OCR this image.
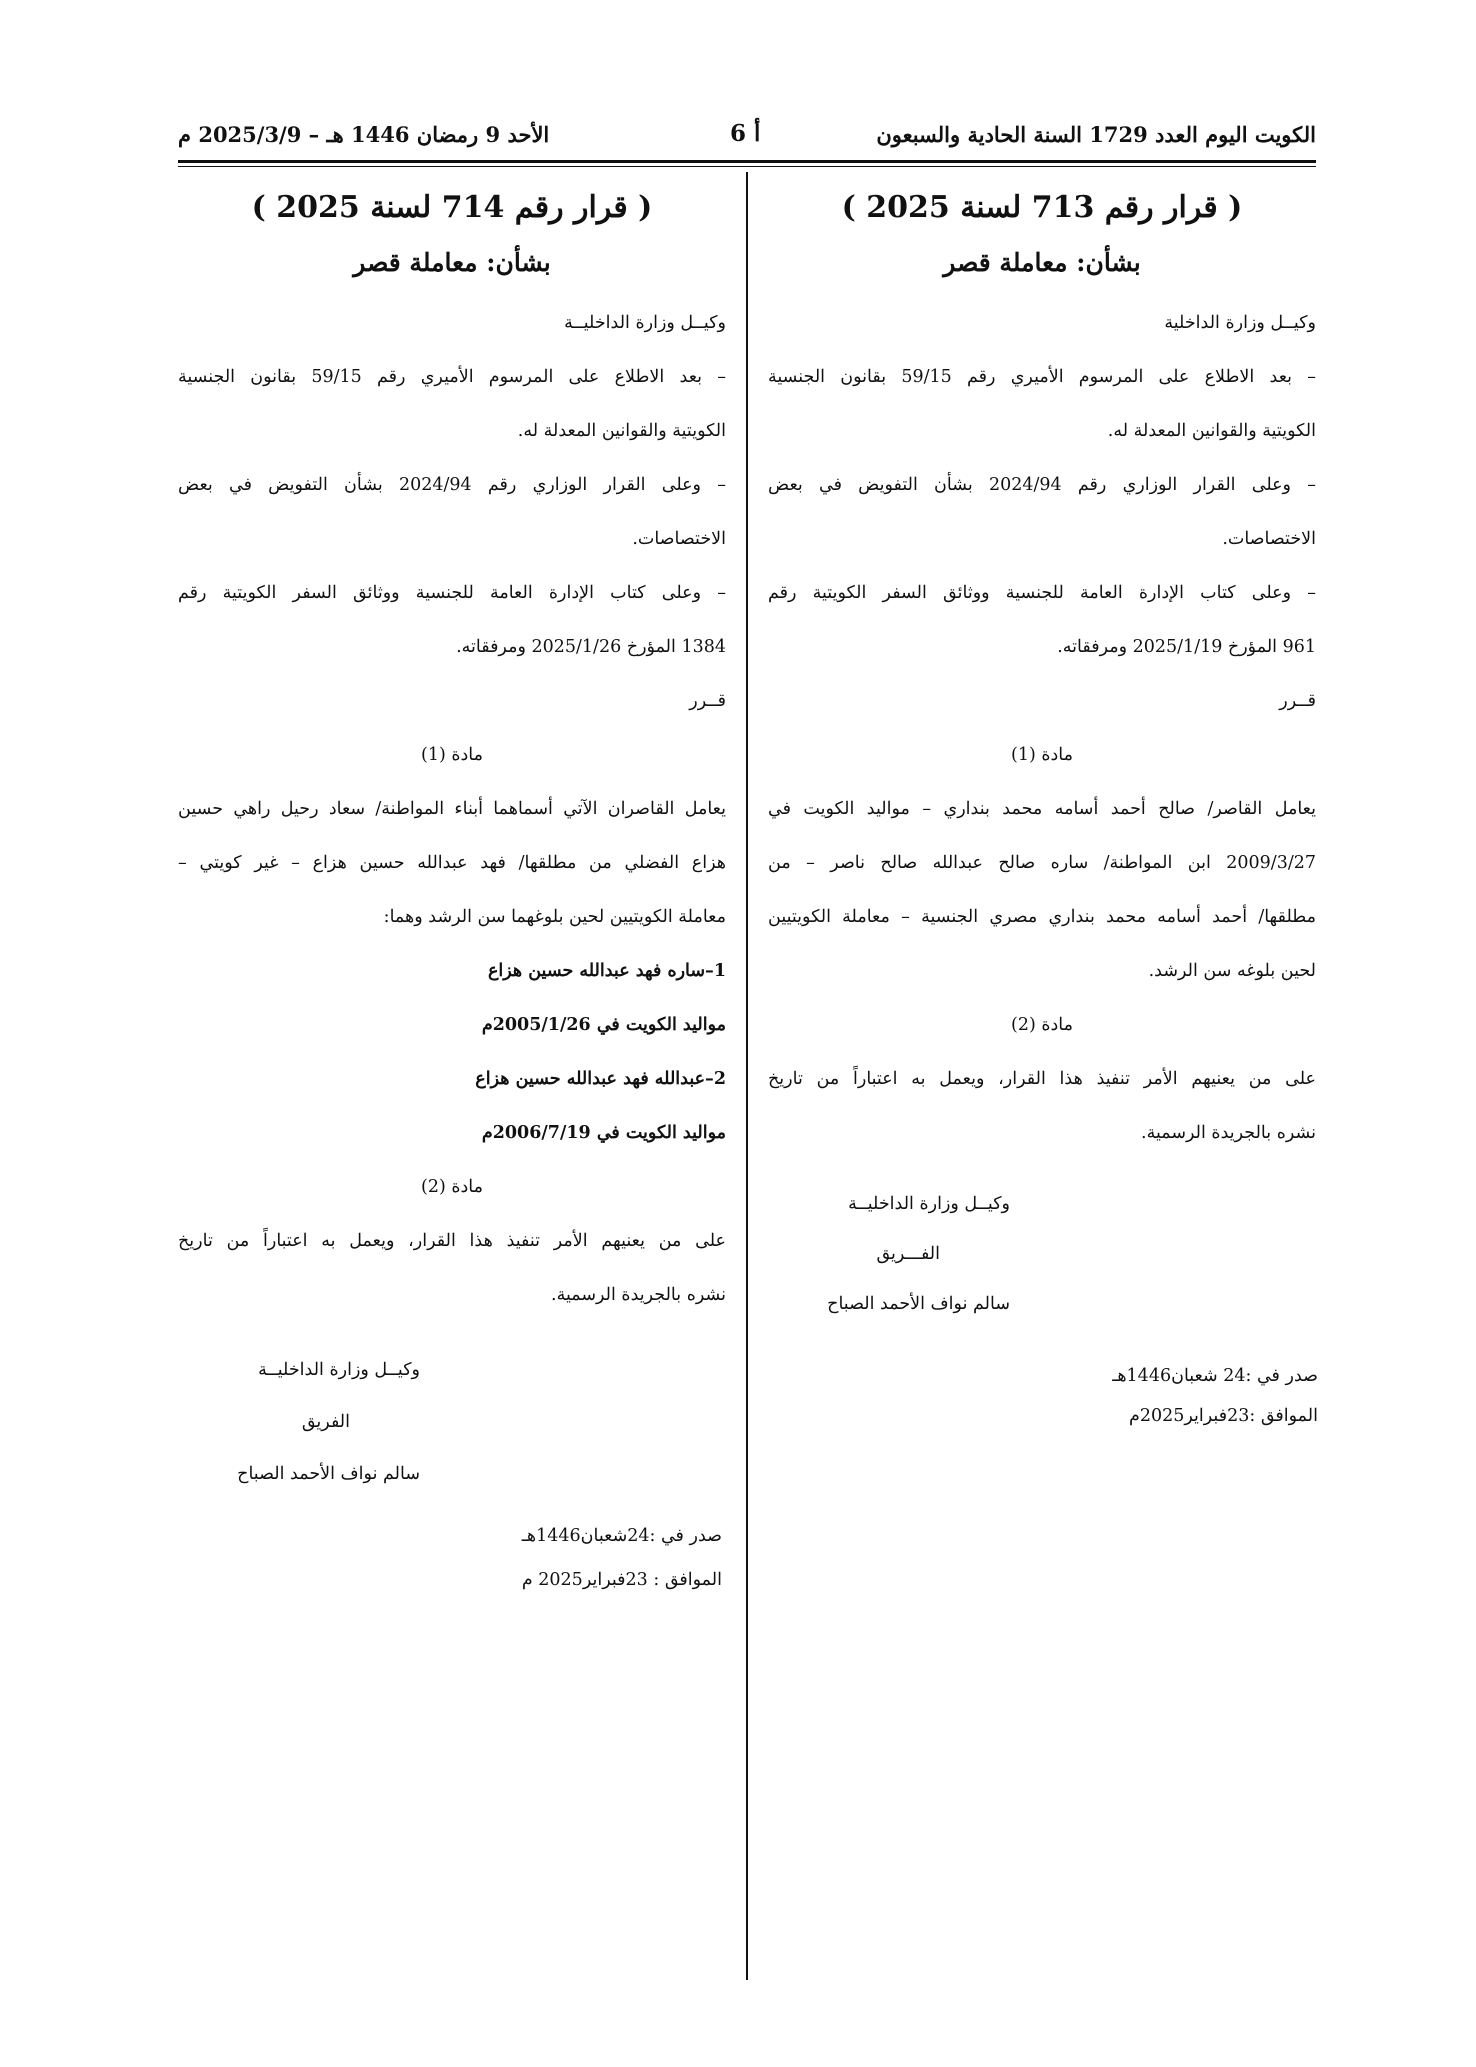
الكويت اليوم العدد 1729 السنة الحادية والسبعون
أ 6
الأحد 9 رمضان 1446 هـ – 2025/3/9 م

( قرار رقم 713 لسنة 2025 )

بشأن: معاملة قصر

وكيــل وزارة الداخلية

– بعد الاطلاع على المرسوم الأميري رقم 59/15 بقانون الجنسية

الكويتية والقوانين المعدلة له.

– وعلى القرار الوزاري رقم 2024/94 بشأن التفويض في بعض

الاختصاصات.

– وعلى كتاب الإدارة العامة للجنسية ووثائق السفر الكويتية رقم

961 المؤرخ 2025/1/19 ومرفقاته.

قــرر

مادة (1)

يعامل القاصر/ صالح أحمد أسامه محمد بنداري – مواليد الكويت في

2009/3/27 ابن المواطنة/ ساره صالح عبدالله صالح ناصر – من

مطلقها/ أحمد أسامه محمد بنداري مصري الجنسية – معاملة الكويتيين

لحين بلوغه سن الرشد.

مادة (2)

على من يعنيهم الأمر تنفيذ هذا القرار، ويعمل به اعتباراً من تاريخ

نشره بالجريدة الرسمية.

وكيــل وزارة الداخليــة
الفـــريق
سالم نواف الأحمد الصباح
صدر في :24 شعبان1446هـ
الموافق :23فبراير2025م

( قرار رقم 714 لسنة 2025 )

بشأن: معاملة قصر

وكيــل وزارة الداخليــة

– بعد الاطلاع على المرسوم الأميري رقم 59/15 بقانون الجنسية

الكويتية والقوانين المعدلة له.

– وعلى القرار الوزاري رقم 2024/94 بشأن التفويض في بعض

الاختصاصات.

– وعلى كتاب الإدارة العامة للجنسية ووثائق السفر الكويتية رقم

1384 المؤرخ 2025/1/26 ومرفقاته.

قــرر

مادة (1)

يعامل القاصران الآتي أسماهما أبناء المواطنة/ سعاد رحيل راهي حسين

هزاع الفضلي من مطلقها/ فهد عبدالله حسين هزاع – غير كويتي –

معاملة الكويتيين لحين بلوغهما سن الرشد وهما:

1–ساره فهد عبدالله حسين هزاع

مواليد الكويت في 2005/1/26م

2–عبدالله فهد عبدالله حسين هزاع

مواليد الكويت في 2006/7/19م

مادة (2)

على من يعنيهم الأمر تنفيذ هذا القرار، ويعمل به اعتباراً من تاريخ

نشره بالجريدة الرسمية.

وكيــل وزارة الداخليــة
الفريق
سالم نواف الأحمد الصباح
صدر في :24شعبان1446هـ
الموافق : 23فبراير2025 م
